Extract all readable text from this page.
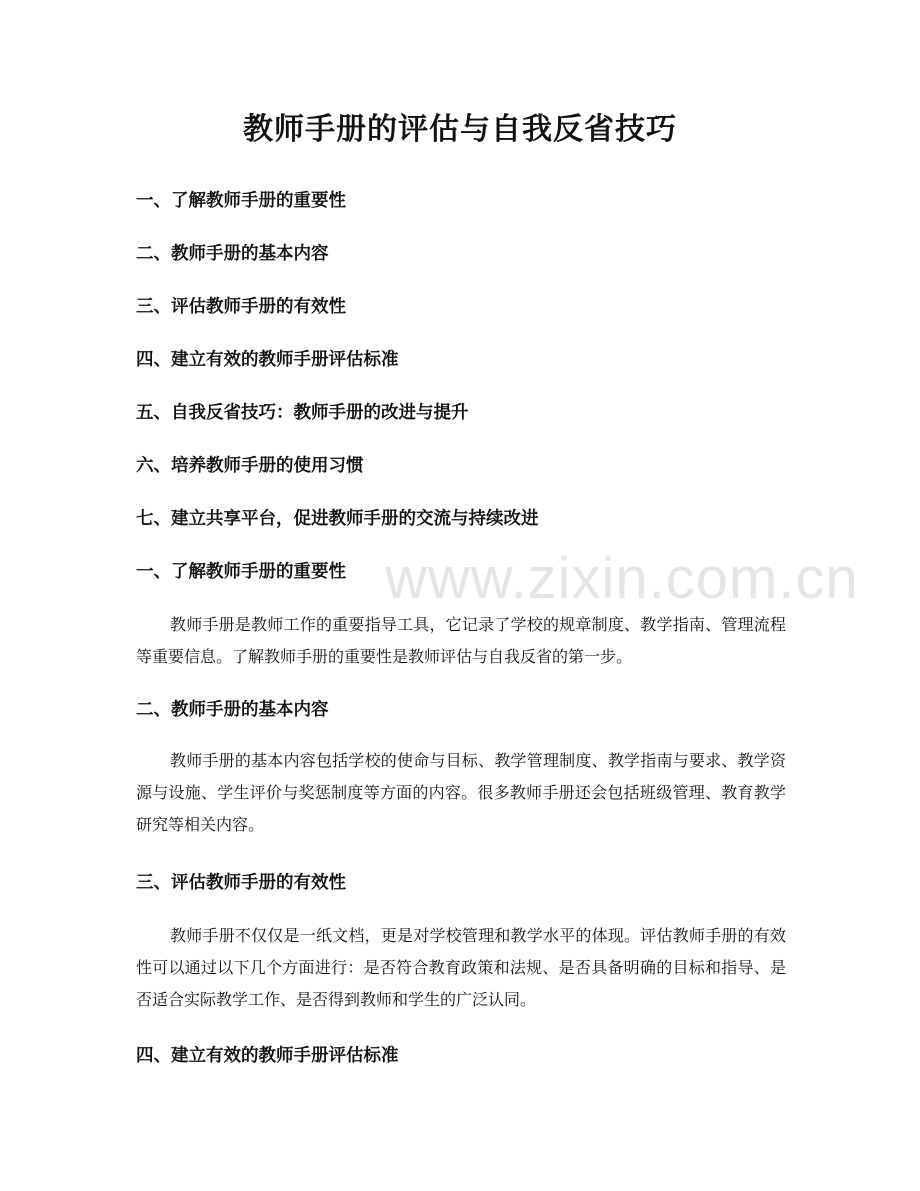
教师手册的评估与自我反省技巧
一、了解教师手册的重要性
二、教师手册的基本内容
三、评估教师手册的有效性
四、建立有效的教师手册评估标准
五、自我反省技巧：教师手册的改进与提升
六、培养教师手册的使用习惯
七、建立共享平台，促进教师手册的交流与持续改进
一、了解教师手册的重要性
教师手册是教师工作的重要指导工具，它记录了学校的规章制度、教学指南、管理流程等重要信息。了解教师手册的重要性是教师评估与自我反省的第一步。
二、教师手册的基本内容
教师手册的基本内容包括学校的使命与目标、教学管理制度、教学指南与要求、教学资源与设施、学生评价与奖惩制度等方面的内容。很多教师手册还会包括班级管理、教育教学研究等相关内容。
三、评估教师手册的有效性
教师手册不仅仅是一纸文档，更是对学校管理和教学水平的体现。评估教师手册的有效性可以通过以下几个方面进行：是否符合教育政策和法规、是否具备明确的目标和指导、是否适合实际教学工作、是否得到教师和学生的广泛认同。
四、建立有效的教师手册评估标准
www.zixin.com.cn
